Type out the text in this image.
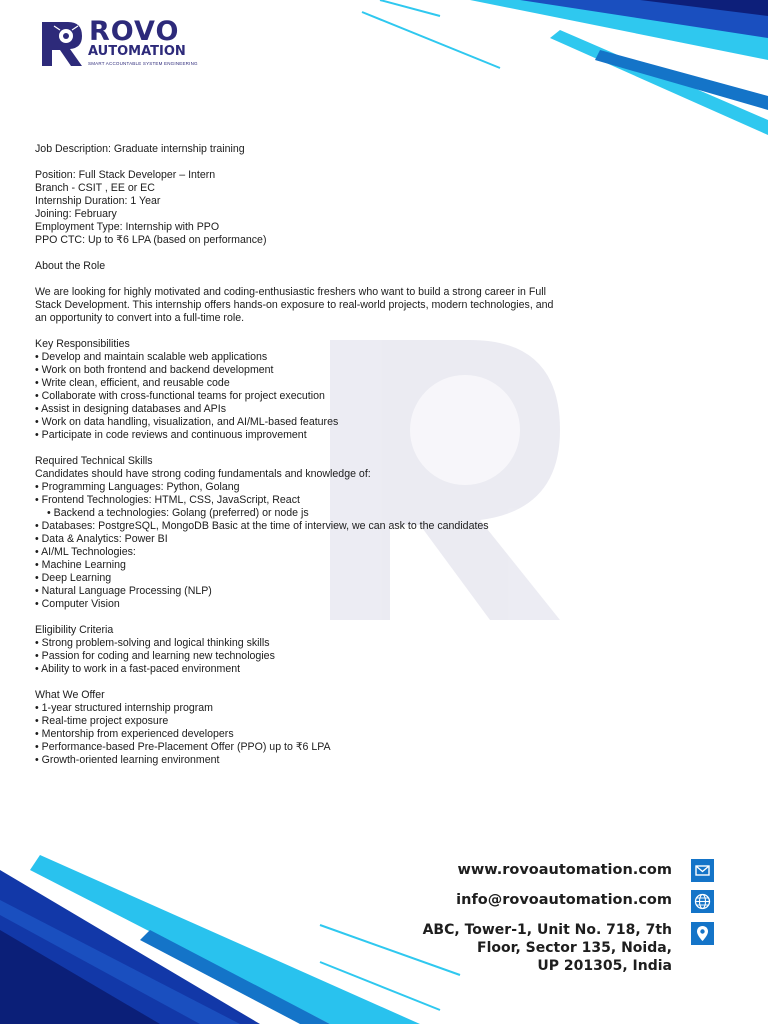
ROVO
AUTOMATION
SMART ACCOUNTABLE SYSTEM ENGINEERING
Job Description: Graduate internship training
Position: Full Stack Developer – Intern
Branch - CSIT , EE or EC
Internship Duration: 1 Year
Joining: February
Employment Type: Internship with PPO
PPO CTC: Up to ₹6 LPA (based on performance)
About the Role
We are looking for highly motivated and coding-enthusiastic freshers who want to build a strong career in Full
Stack Development. This internship offers hands-on exposure to real-world projects, modern technologies, and
an opportunity to convert into a full-time role.
Key Responsibilities
• Develop and maintain scalable web applications
• Work on both frontend and backend development
• Write clean, efficient, and reusable code
• Collaborate with cross-functional teams for project execution
• Assist in designing databases and APIs
• Work on data handling, visualization, and AI/ML-based features
• Participate in code reviews and continuous improvement
Required Technical Skills
Candidates should have strong coding fundamentals and knowledge of:
• Programming Languages: Python, Golang
• Frontend Technologies: HTML, CSS, JavaScript, React
• Backend a technologies: Golang (preferred) or node js
• Databases: PostgreSQL, MongoDB Basic at the time of interview, we can ask to the candidates
• Data & Analytics: Power BI
• AI/ML Technologies:
• Machine Learning
• Deep Learning
• Natural Language Processing (NLP)
• Computer Vision
Eligibility Criteria
• Strong problem-solving and logical thinking skills
• Passion for coding and learning new technologies
• Ability to work in a fast-paced environment
What We Offer
• 1-year structured internship program
• Real-time project exposure
• Mentorship from experienced developers
• Performance-based Pre-Placement Offer (PPO) up to ₹6 LPA
• Growth-oriented learning environment
www.rovoautomation.com
info@rovoautomation.com
ABC, Tower-1, Unit No. 718, 7th
Floor, Sector 135, Noida,
UP 201305, India
